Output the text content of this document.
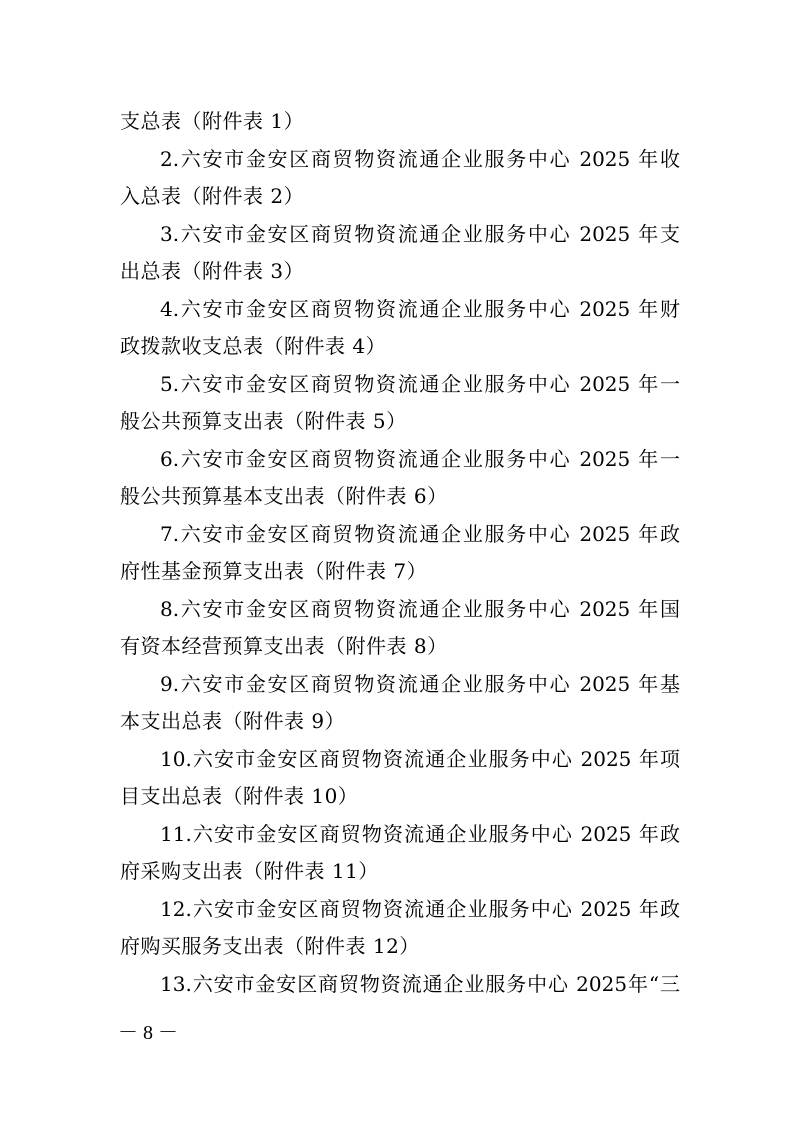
支总表（附件表 1）
2.六安市金安区商贸物资流通企业服务中心 2025 年收
入总表（附件表 2）
3.六安市金安区商贸物资流通企业服务中心 2025 年支
出总表（附件表 3）
4.六安市金安区商贸物资流通企业服务中心 2025 年财
政拨款收支总表（附件表 4）
5.六安市金安区商贸物资流通企业服务中心 2025 年一
般公共预算支出表（附件表 5）
6.六安市金安区商贸物资流通企业服务中心 2025 年一
般公共预算基本支出表（附件表 6）
7.六安市金安区商贸物资流通企业服务中心 2025 年政
府性基金预算支出表（附件表 7）
8.六安市金安区商贸物资流通企业服务中心 2025 年国
有资本经营预算支出表（附件表 8）
9.六安市金安区商贸物资流通企业服务中心 2025 年基
本支出总表（附件表 9）
10.六安市金安区商贸物资流通企业服务中心 2025 年项
目支出总表（附件表 10）
11.六安市金安区商贸物资流通企业服务中心 2025 年政
府采购支出表（附件表 11）
12.六安市金安区商贸物资流通企业服务中心 2025 年政
府购买服务支出表（附件表 12）
13.六安市金安区商贸物资流通企业服务中心 2025年“三
－ 8 －
